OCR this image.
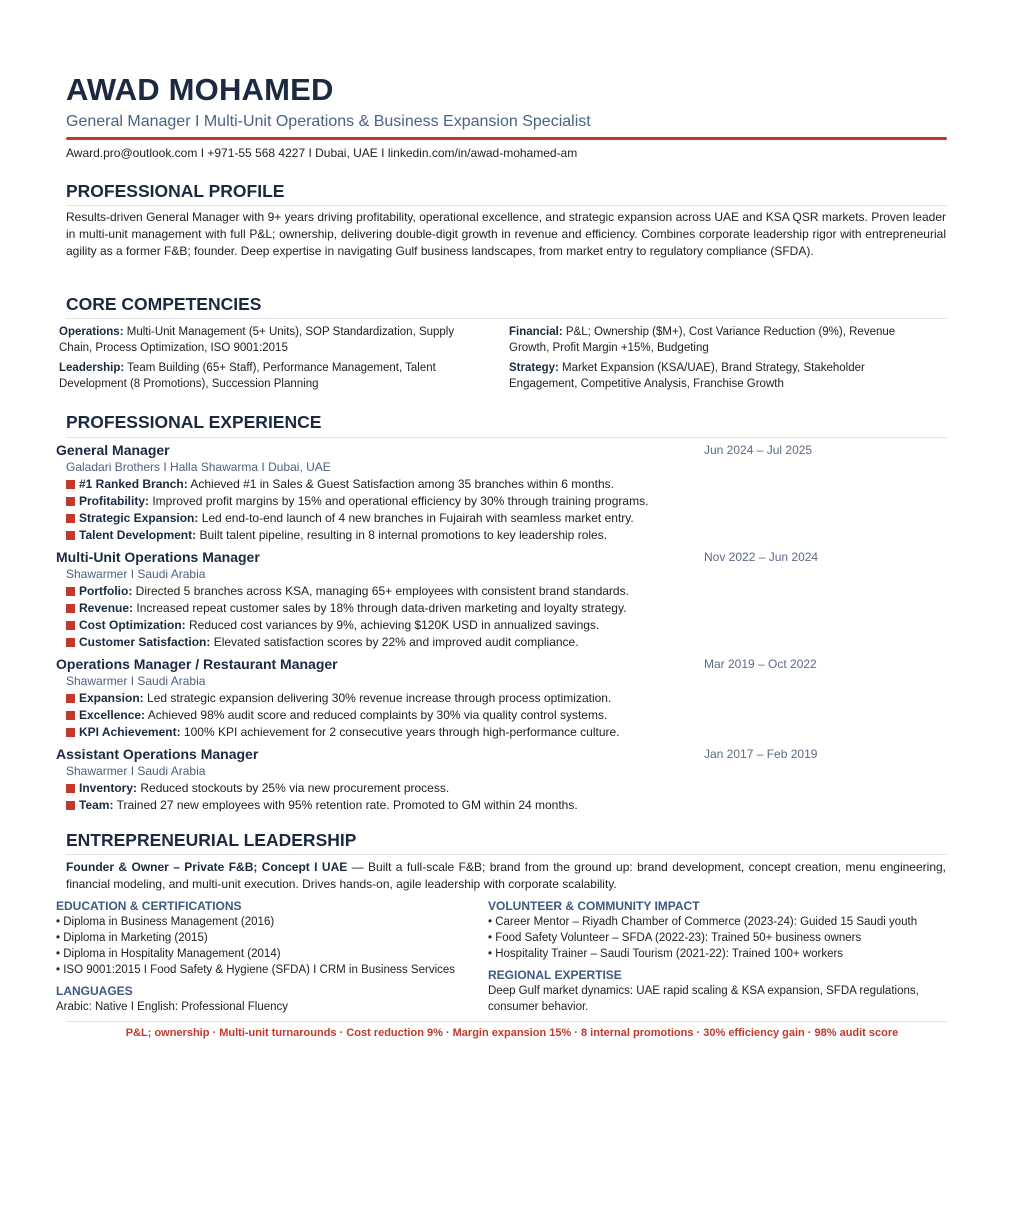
AWAD MOHAMED
General Manager I Multi-Unit Operations & Business Expansion Specialist
Award.pro@outlook.com I +971-55 568 4227 I Dubai, UAE I linkedin.com/in/awad-mohamed-am
PROFESSIONAL PROFILE
Results-driven General Manager with 9+ years driving profitability, operational excellence, and strategic expansion across UAE and KSA QSR markets. Proven leader in multi-unit management with full P&L; ownership, delivering double-digit growth in revenue and efficiency. Combines corporate leadership rigor with entrepreneurial agility as a former F&B; founder. Deep expertise in navigating Gulf business landscapes, from market entry to regulatory compliance (SFDA).
CORE COMPETENCIES
Operations: Multi-Unit Management (5+ Units), SOP Standardization, Supply Chain, Process Optimization, ISO 9001:2015
Financial: P&L; Ownership ($M+), Cost Variance Reduction (9%), Revenue Growth, Profit Margin +15%, Budgeting
Leadership: Team Building (65+ Staff), Performance Management, Talent Development (8 Promotions), Succession Planning
Strategy: Market Expansion (KSA/UAE), Brand Strategy, Stakeholder Engagement, Competitive Analysis, Franchise Growth
PROFESSIONAL EXPERIENCE
General Manager	Jun 2024 – Jul 2025
Galadari Brothers I Halla Shawarma I Dubai, UAE
#1 Ranked Branch: Achieved #1 in Sales & Guest Satisfaction among 35 branches within 6 months.
Profitability: Improved profit margins by 15% and operational efficiency by 30% through training programs.
Strategic Expansion: Led end-to-end launch of 4 new branches in Fujairah with seamless market entry.
Talent Development: Built talent pipeline, resulting in 8 internal promotions to key leadership roles.
Multi-Unit Operations Manager	Nov 2022 – Jun 2024
Shawarmer I Saudi Arabia
Portfolio: Directed 5 branches across KSA, managing 65+ employees with consistent brand standards.
Revenue: Increased repeat customer sales by 18% through data-driven marketing and loyalty strategy.
Cost Optimization: Reduced cost variances by 9%, achieving $120K USD in annualized savings.
Customer Satisfaction: Elevated satisfaction scores by 22% and improved audit compliance.
Operations Manager / Restaurant Manager	Mar 2019 – Oct 2022
Shawarmer I Saudi Arabia
Expansion: Led strategic expansion delivering 30% revenue increase through process optimization.
Excellence: Achieved 98% audit score and reduced complaints by 30% via quality control systems.
KPI Achievement: 100% KPI achievement for 2 consecutive years through high-performance culture.
Assistant Operations Manager	Jan 2017 – Feb 2019
Shawarmer I Saudi Arabia
Inventory: Reduced stockouts by 25% via new procurement process.
Team: Trained 27 new employees with 95% retention rate. Promoted to GM within 24 months.
ENTREPRENEURIAL LEADERSHIP
Founder & Owner – Private F&B; Concept I UAE — Built a full-scale F&B; brand from the ground up: brand development, concept creation, menu engineering, financial modeling, and multi-unit execution. Drives hands-on, agile leadership with corporate scalability.
EDUCATION & CERTIFICATIONS
• Diploma in Business Management (2016)
• Diploma in Marketing (2015)
• Diploma in Hospitality Management (2014)
• ISO 9001:2015 I Food Safety & Hygiene (SFDA) I CRM in Business Services
LANGUAGES
Arabic: Native I English: Professional Fluency
VOLUNTEER & COMMUNITY IMPACT
• Career Mentor – Riyadh Chamber of Commerce (2023-24): Guided 15 Saudi youth
• Food Safety Volunteer – SFDA (2022-23): Trained 50+ business owners
• Hospitality Trainer – Saudi Tourism (2021-22): Trained 100+ workers
REGIONAL EXPERTISE
Deep Gulf market dynamics: UAE rapid scaling & KSA expansion, SFDA regulations, consumer behavior.
P&L; ownership · Multi-unit turnarounds · Cost reduction 9% · Margin expansion 15% · 8 internal promotions · 30% efficiency gain · 98% audit score
